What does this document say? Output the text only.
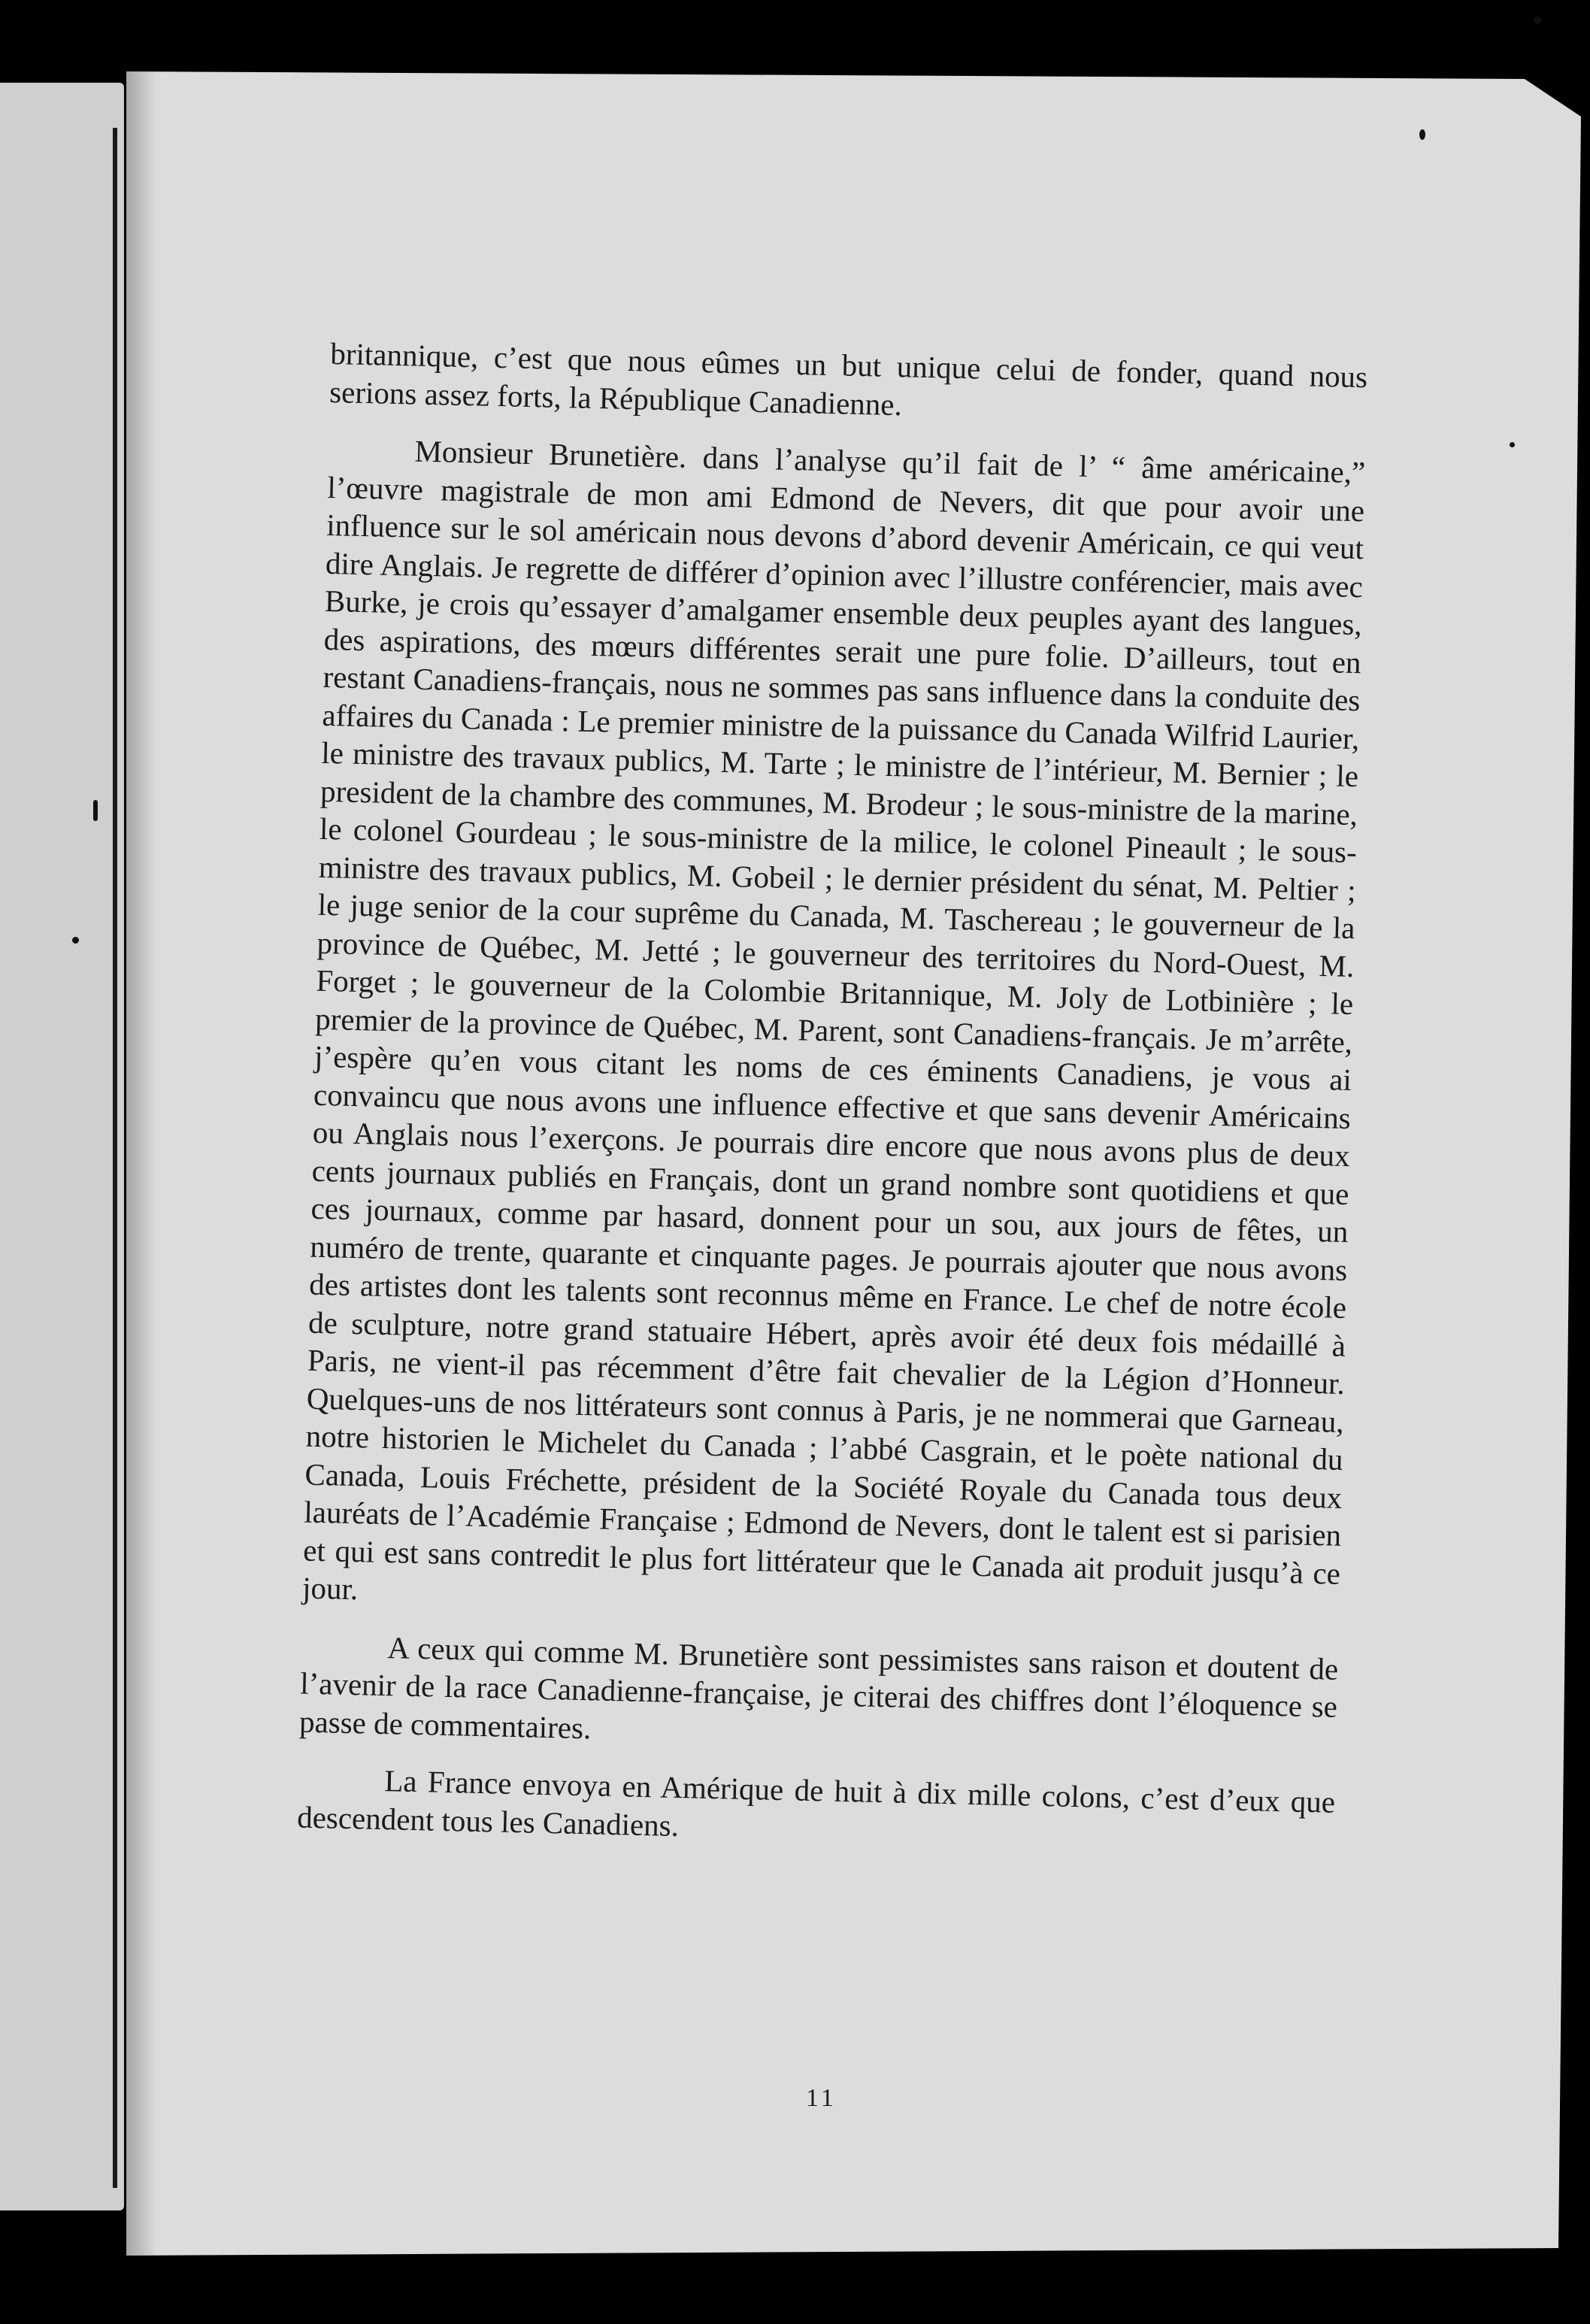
britannique, c’est que nous eûmes un but unique celui de fonder, quand nous serions assez forts, la République Canadienne.

Monsieur Brunetière. dans l’analyse qu’il fait de l’ “ âme américaine,” l’œuvre magistrale de mon ami Edmond de Nevers, dit que pour avoir une influence sur le sol américain nous devons d’abord devenir Américain, ce qui veut dire Anglais. Je regrette de différer d’opinion avec l’illustre conférencier, mais avec Burke, je crois qu’essayer d’amalgamer ensemble deux peuples ayant des langues, des aspirations, des mœurs différentes serait une pure folie. D’ailleurs, tout en restant Canadiens-français, nous ne sommes pas sans influence dans la conduite des affaires du Canada : Le premier ministre de la puissance du Canada Wilfrid Laurier, le ministre des travaux publics, M. Tarte ; le ministre de l’intérieur, M. Bernier ; le president de la chambre des communes, M. Brodeur ; le sous-ministre de la marine, le colonel Gourdeau ; le sous-ministre de la milice, le colonel Pineault ; le sous-ministre des travaux publics, M. Gobeil ; le dernier président du sénat, M. Peltier ; le juge senior de la cour suprême du Canada, M. Taschereau ; le gouverneur de la province de Québec, M. Jetté ; le gouverneur des territoires du Nord-Ouest, M. Forget ; le gouverneur de la Colombie Britannique, M. Joly de Lotbinière ; le premier de la province de Québec, M. Parent, sont Canadiens-français. Je m’arrête, j’espère qu’en vous citant les noms de ces éminents Canadiens, je vous ai convaincu que nous avons une influence effective et que sans devenir Américains ou Anglais nous l’exerçons. Je pourrais dire encore que nous avons plus de deux cents journaux publiés en Français, dont un grand nombre sont quotidiens et que ces journaux, comme par hasard, donnent pour un sou, aux jours de fêtes, un numéro de trente, quarante et cinquante pages. Je pourrais ajouter que nous avons des artistes dont les talents sont reconnus même en France. Le chef de notre école de sculpture, notre grand statuaire Hébert, après avoir été deux fois médaillé à Paris, ne vient-il pas récemment d’être fait chevalier de la Légion d’Honneur. Quelques-uns de nos littérateurs sont connus à Paris, je ne nommerai que Garneau, notre historien le Michelet du Canada ; l’abbé Casgrain, et le poète national du Canada, Louis Fréchette, président de la Société Royale du Canada tous deux lauréats de l’Académie Française ; Edmond de Nevers, dont le talent est si parisien et qui est sans contredit le plus fort littérateur que le Canada ait produit jusqu’à ce jour.

A ceux qui comme M. Brunetière sont pessimistes sans raison et doutent de l’avenir de la race Canadienne-française, je citerai des chiffres dont l’éloquence se passe de commentaires.

La France envoya en Amérique de huit à dix mille colons, c’est d’eux que descendent tous les Canadiens.

11
